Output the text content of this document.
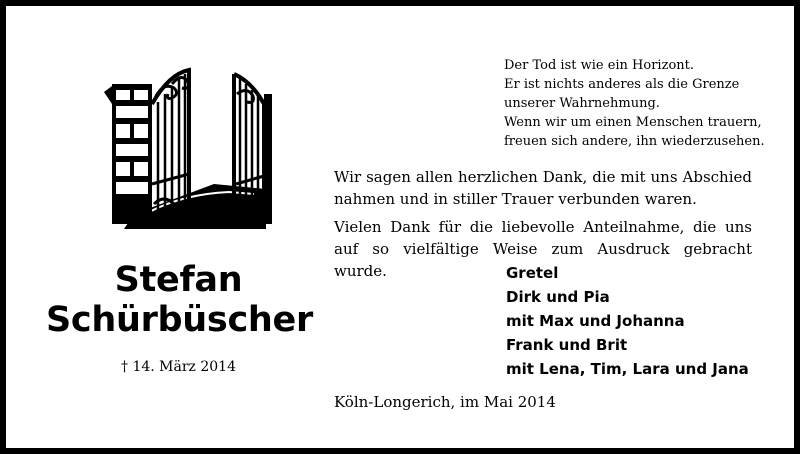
Stefan
Schürbüscher
† 14. März 2014
Der Tod ist wie ein Horizont.
Er ist nichts anderes als die Grenze
unserer Wahrnehmung.
Wenn wir um einen Menschen trauern,
freuen sich andere, ihn wiederzusehen.

Wir sagen allen herzlichen Dank, die mit uns Abschied nahmen und in stiller Trauer verbunden waren.

Vielen Dank für die liebevolle Anteilnahme, die uns auf so vielfältige Weise zum Ausdruck gebracht wurde.	Gretel
Dirk und Pia
mit Max und Johanna
Frank und Brit
mit Lena, Tim, Lara und Jana
Köln-Longerich, im Mai 2014
